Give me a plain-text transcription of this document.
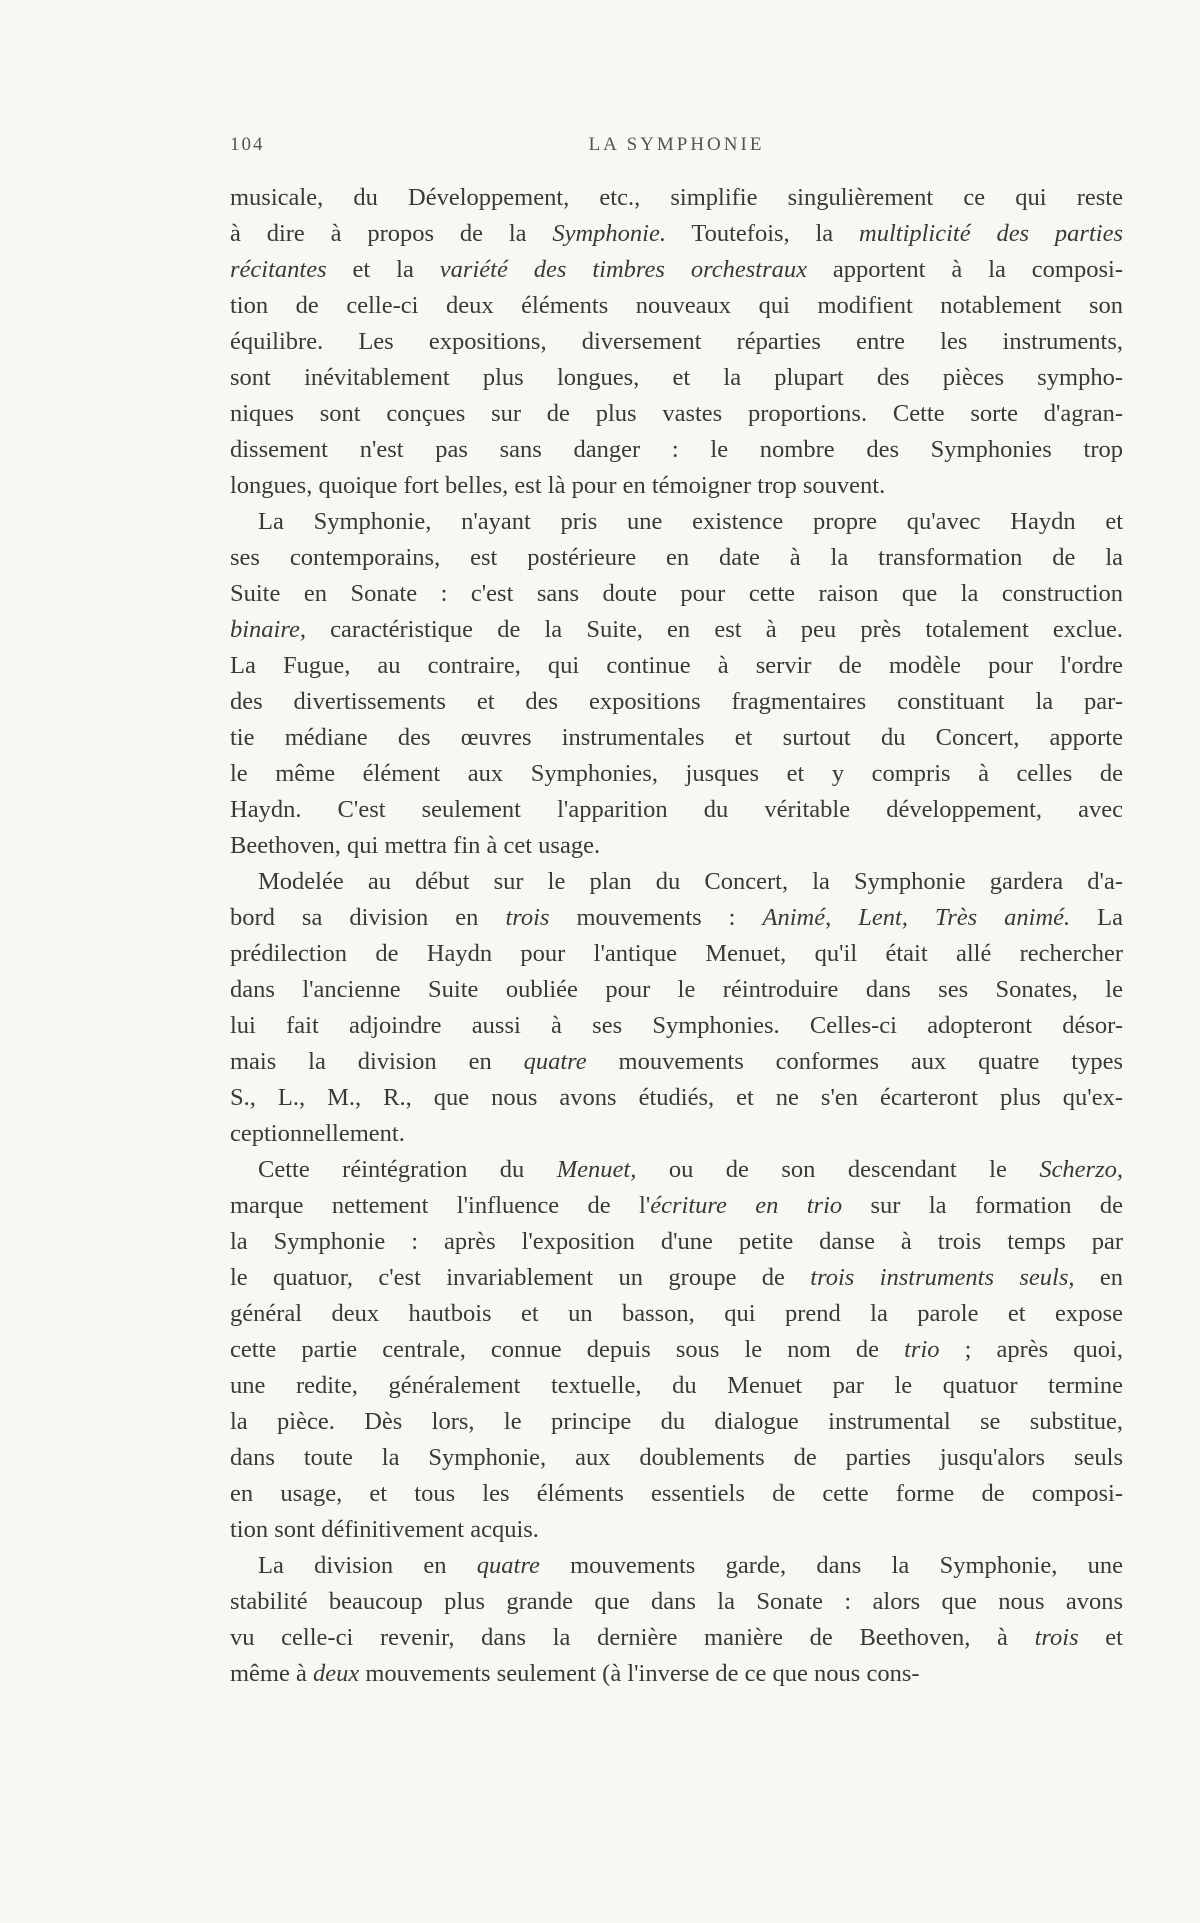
104	LA SYMPHONIE
musicale, du Développement, etc., simplifie singulièrement ce qui reste
à dire à propos de la Symphonie. Toutefois, la multiplicité des parties
récitantes et la variété des timbres orchestraux apportent à la composi-
tion de celle-ci deux éléments nouveaux qui modifient notablement son
équilibre. Les expositions, diversement réparties entre les instruments,
sont inévitablement plus longues, et la plupart des pièces sympho-
niques sont conçues sur de plus vastes proportions. Cette sorte d'agran-
dissement n'est pas sans danger : le nombre des Symphonies trop
longues, quoique fort belles, est là pour en témoigner trop souvent.
La Symphonie, n'ayant pris une existence propre qu'avec Haydn et
ses contemporains, est postérieure en date à la transformation de la
Suite en Sonate : c'est sans doute pour cette raison que la construction
binaire, caractéristique de la Suite, en est à peu près totalement exclue.
La Fugue, au contraire, qui continue à servir de modèle pour l'ordre
des divertissements et des expositions fragmentaires constituant la par-
tie médiane des œuvres instrumentales et surtout du Concert, apporte
le même élément aux Symphonies, jusques et y compris à celles de
Haydn. C'est seulement l'apparition du véritable développement, avec
Beethoven, qui mettra fin à cet usage.
Modelée au début sur le plan du Concert, la Symphonie gardera d'a-
bord sa division en trois mouvements : Animé, Lent, Très animé. La
prédilection de Haydn pour l'antique Menuet, qu'il était allé rechercher
dans l'ancienne Suite oubliée pour le réintroduire dans ses Sonates, le
lui fait adjoindre aussi à ses Symphonies. Celles-ci adopteront désor-
mais la division en quatre mouvements conformes aux quatre types
S., L., M., R., que nous avons étudiés, et ne s'en écarteront plus qu'ex-
ceptionnellement.
Cette réintégration du Menuet, ou de son descendant le Scherzo,
marque nettement l'influence de l'écriture en trio sur la formation de
la Symphonie : après l'exposition d'une petite danse à trois temps par
le quatuor, c'est invariablement un groupe de trois instruments seuls, en
général deux hautbois et un basson, qui prend la parole et expose
cette partie centrale, connue depuis sous le nom de trio ; après quoi,
une redite, généralement textuelle, du Menuet par le quatuor termine
la pièce. Dès lors, le principe du dialogue instrumental se substitue,
dans toute la Symphonie, aux doublements de parties jusqu'alors seuls
en usage, et tous les éléments essentiels de cette forme de composi-
tion sont définitivement acquis.
La division en quatre mouvements garde, dans la Symphonie, une
stabilité beaucoup plus grande que dans la Sonate : alors que nous avons
vu celle-ci revenir, dans la dernière manière de Beethoven, à trois et
même à deux mouvements seulement (à l'inverse de ce que nous cons-
